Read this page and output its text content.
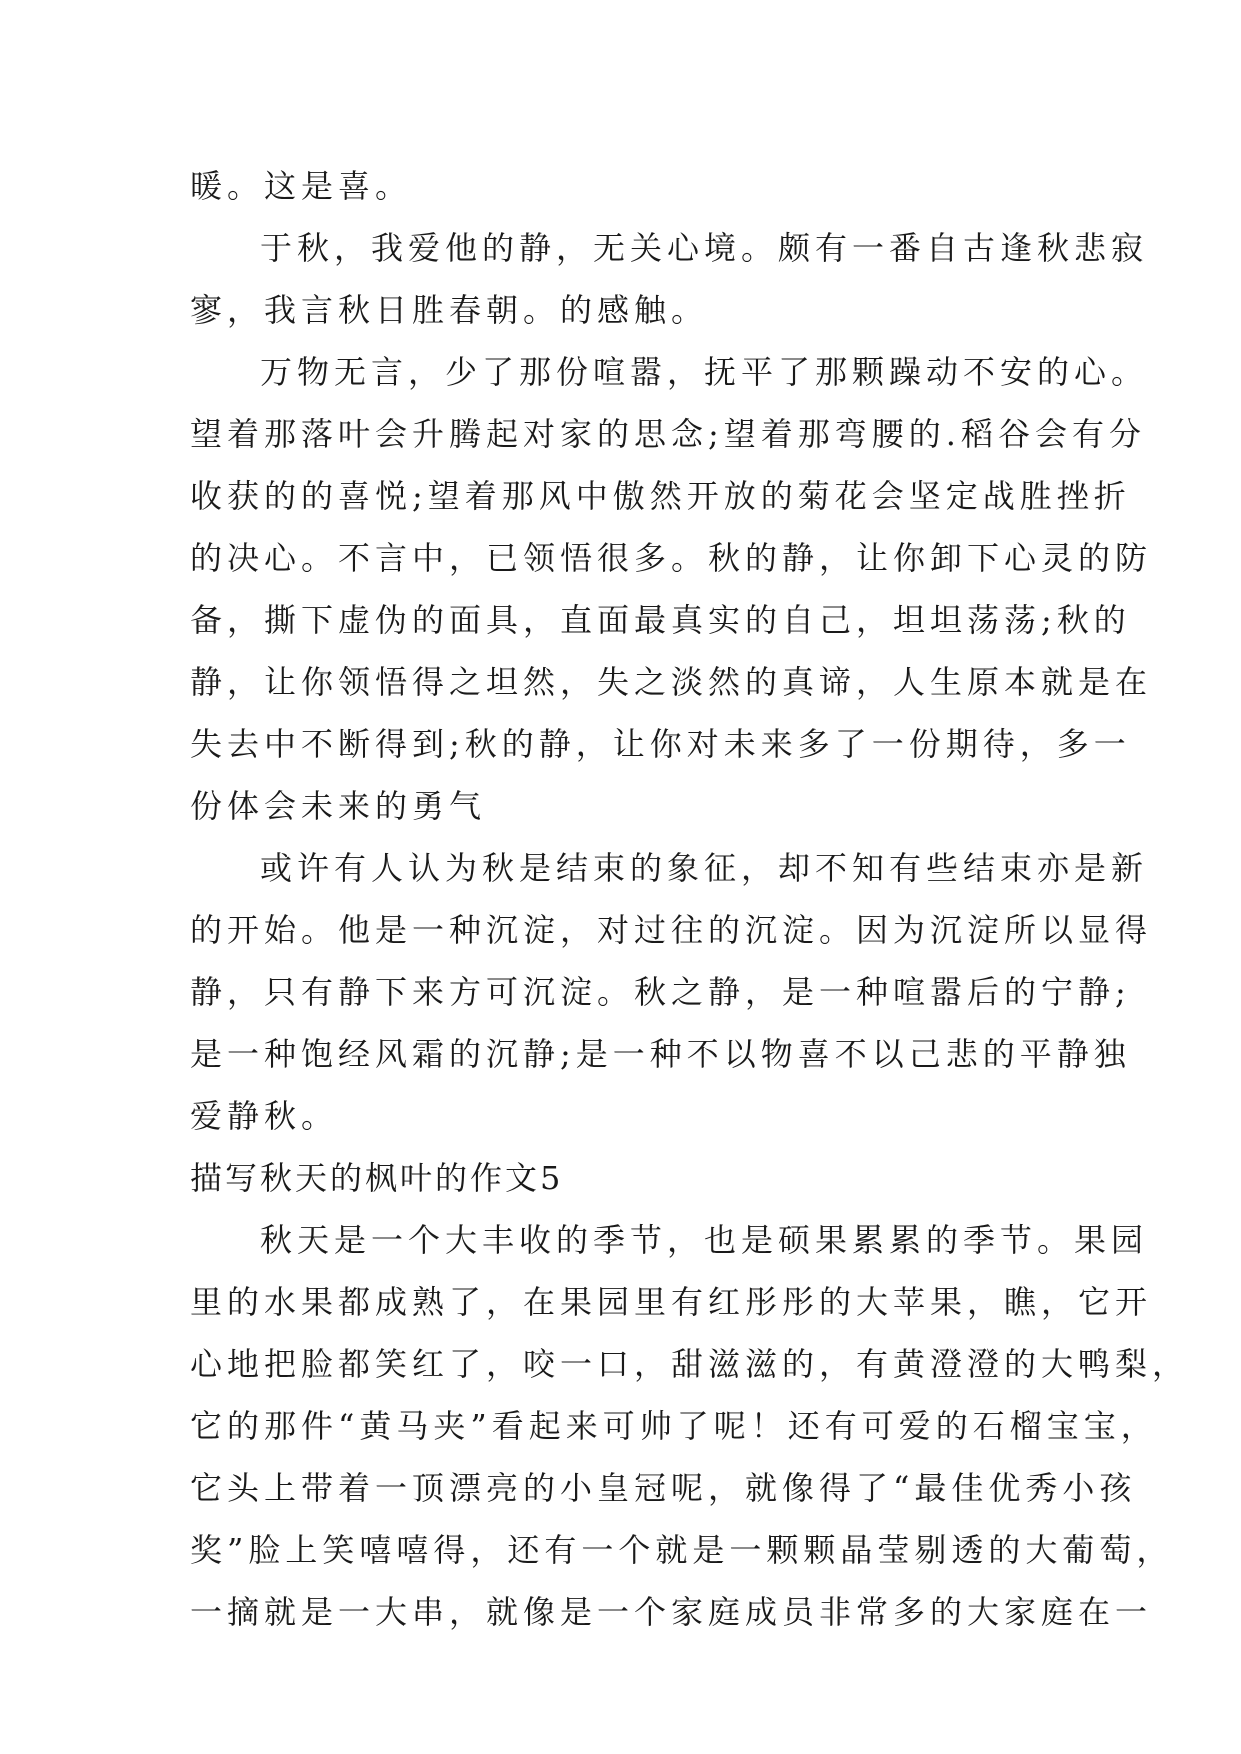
暖。这是喜。
于秋，我爱他的静，无关心境。颇有一番自古逢秋悲寂
寥，我言秋日胜春朝。的感触。
万物无言，少了那份喧嚣，抚平了那颗躁动不安的心。
望着那落叶会升腾起对家的思念;望着那弯腰的.稻谷会有分
收获的的喜悦;望着那风中傲然开放的菊花会坚定战胜挫折
的决心。不言中，已领悟很多。秋的静，让你卸下心灵的防
备，撕下虚伪的面具，直面最真实的自己，坦坦荡荡;秋的
静，让你领悟得之坦然，失之淡然的真谛，人生原本就是在
失去中不断得到;秋的静，让你对未来多了一份期待，多一
份体会未来的勇气
或许有人认为秋是结束的象征，却不知有些结束亦是新
的开始。他是一种沉淀，对过往的沉淀。因为沉淀所以显得
静，只有静下来方可沉淀。秋之静，是一种喧嚣后的宁静;
是一种饱经风霜的沉静;是一种不以物喜不以己悲的平静独
爱静秋。
描写秋天的枫叶的作文5
秋天是一个大丰收的季节，也是硕果累累的季节。果园
里的水果都成熟了，在果园里有红彤彤的大苹果，瞧，它开
心地把脸都笑红了，咬一口，甜滋滋的，有黄澄澄的大鸭梨，
它的那件“黄马夹”看起来可帅了呢！还有可爱的石榴宝宝，
它头上带着一顶漂亮的小皇冠呢，就像得了“最佳优秀小孩
奖”脸上笑嘻嘻得，还有一个就是一颗颗晶莹剔透的大葡萄，
一摘就是一大串，就像是一个家庭成员非常多的大家庭在一
